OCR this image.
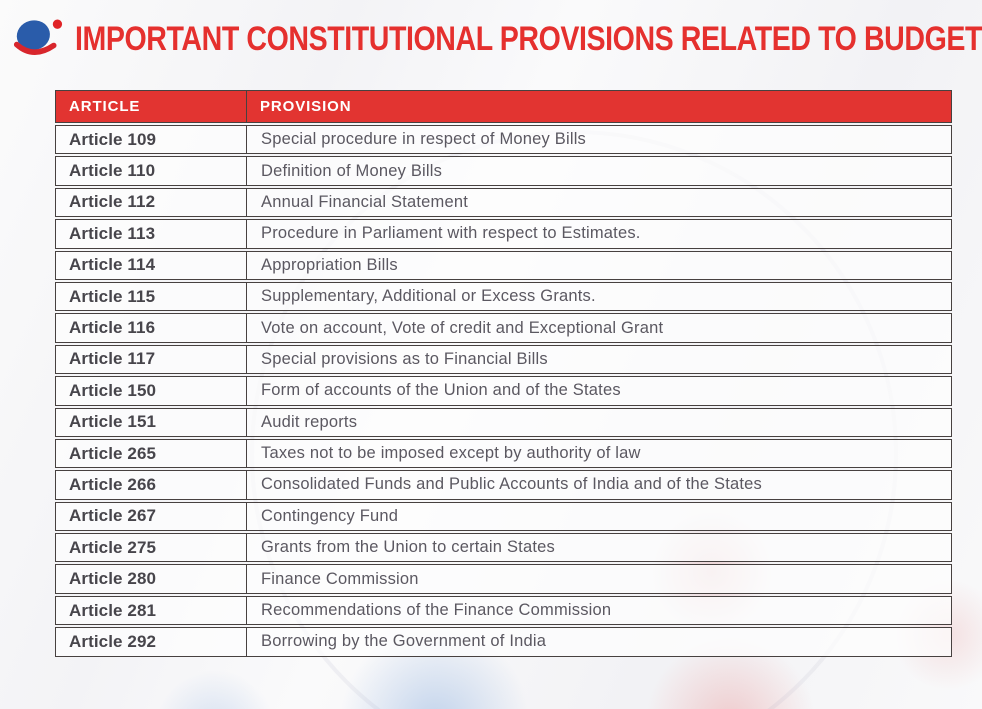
IMPORTANT CONSTITUTIONAL PROVISIONS RELATED TO BUDGET
ARTICLE	PROVISION
Article 109	Special procedure in respect of Money Bills
Article 110	Definition of Money Bills
Article 112	Annual Financial Statement
Article 113	Procedure in Parliament with respect to Estimates.
Article 114	Appropriation Bills
Article 115	Supplementary, Additional or Excess Grants.
Article 116	Vote on account, Vote of credit and Exceptional Grant
Article 117	Special provisions as to Financial Bills
Article 150	Form of accounts of the Union and of the States
Article 151	Audit reports
Article 265	Taxes not to be imposed except by authority of law
Article 266	Consolidated Funds and Public Accounts of India and of the States
Article 267	Contingency Fund
Article 275	Grants from the Union to certain States
Article 280	Finance Commission
Article 281	Recommendations of the Finance Commission
Article 292	Borrowing by the Government of India
